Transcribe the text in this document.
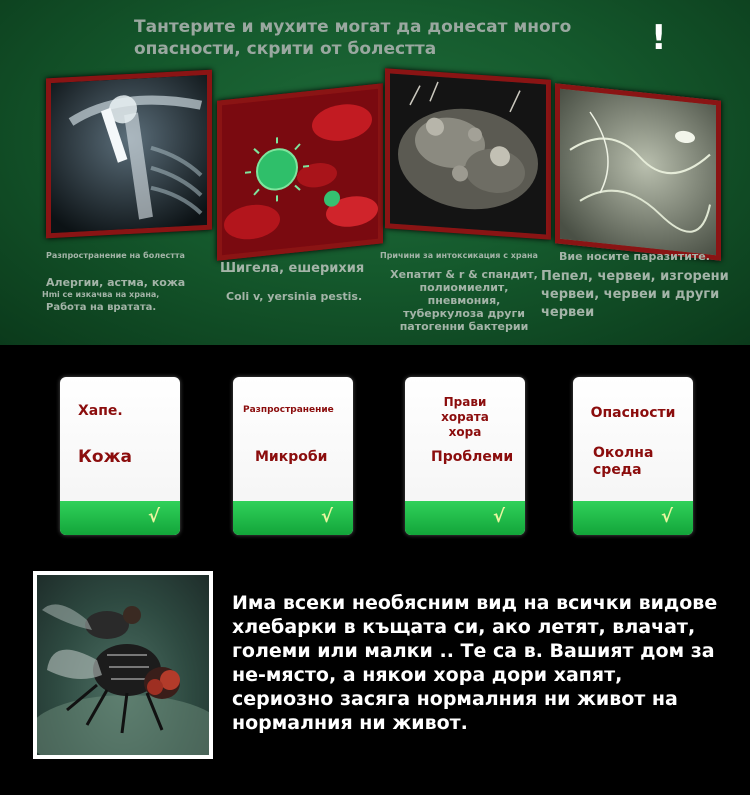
Тантерите и мухите могат да донесат много опасности, скрити от болестта	!
Разпространение на болестта
Алергии, астма, кожа
Hmi се изкачва на храна,
Работа на вратата.
Шигела, ешерихия
Coli v, yersinia pestis.
Причини за интоксикация с храна
Хепатит & r & спандит,
полиомиелит,
пневмония,
туберкулоза други
патогенни бактерии
Вие носите паразитите.
Пепел, червеи, изгорени
червеи, червеи и други
червеи
Хапе.
Кожа
√
Разпространение
Микроби
√
Прави хората хора
Проблеми
√
Опасности
Околна среда
√
Има всеки необясним вид на всички видове хлебарки в къщата си, ако летят, влачат, големи или малки .. Те са в. Вашият дом за не-място, а някои хора дори хапят, сериозно засяга нормалния ни живот на нормалния ни живот.
